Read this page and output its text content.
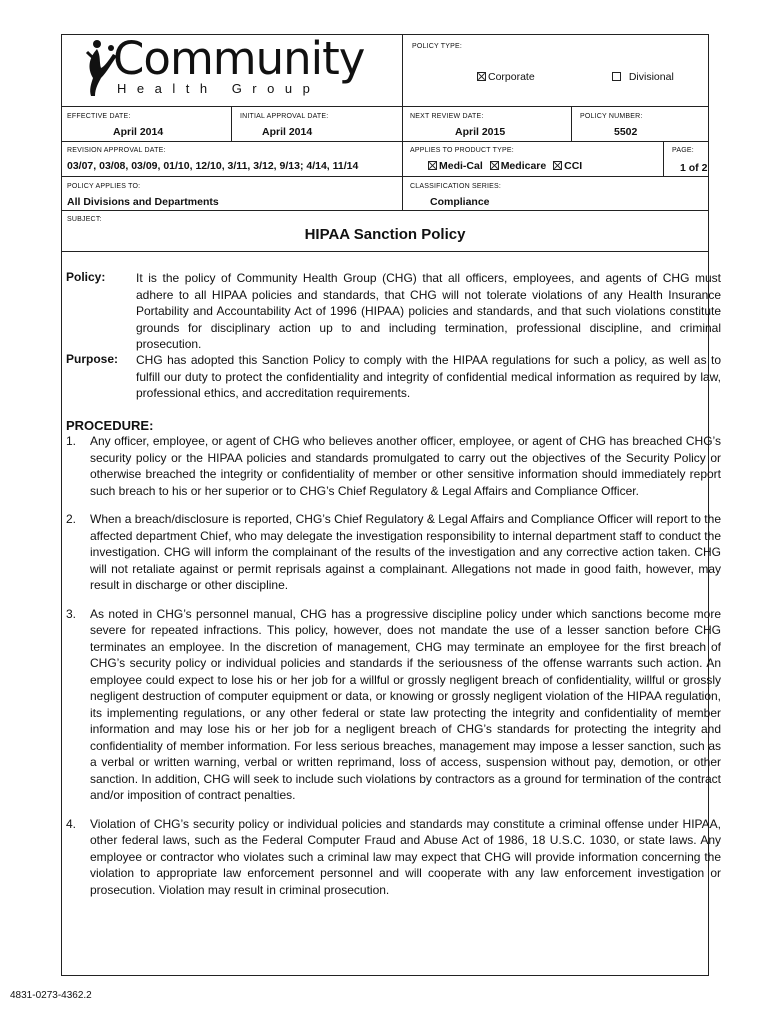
Community
Health Group
POLICY TYPE:
Corporate	Divisional
EFFECTIVE DATE:
April 2014
INITIAL APPROVAL DATE:
April 2014
NEXT REVIEW DATE:
April 2015
POLICY NUMBER:
5502
REVISION APPROVAL DATE:
03/07, 03/08, 03/09, 01/10, 12/10, 3/11, 3/12, 9/13; 4/14, 11/14
APPLIES TO PRODUCT TYPE:
Medi-Cal Medicare CCI
PAGE:
1 of 2
POLICY APPLIES TO:
All Divisions and Departments
CLASSIFICATION SERIES:
Compliance
SUBJECT:
HIPAA Sanction Policy
Policy:	It is the policy of Community Health Group (CHG) that all officers, employees, and agents of CHG must adhere to all HIPAA policies and standards, that CHG will not tolerate violations of any Health Insurance Portability and Accountability Act of 1996 (HIPAA) policies and standards, and that such violations constitute grounds for disciplinary action up to and including termination, professional discipline, and criminal prosecution.
Purpose:	CHG has adopted this Sanction Policy to comply with the HIPAA regulations for such a policy, as well as to fulfill our duty to protect the confidentiality and integrity of confidential medical information as required by law, professional ethics, and accreditation requirements.
PROCEDURE:
1.	Any officer, employee, or agent of CHG who believes another officer, employee, or agent of CHG has breached CHG’s security policy or the HIPAA policies and standards promulgated to carry out the objectives of the Security Policy or otherwise breached the integrity or confidentiality of member or other sensitive information should immediately report such breach to his or her superior or to CHG’s Chief Regulatory & Legal Affairs and Compliance Officer.
2.	When a breach/disclosure is reported, CHG’s Chief Regulatory & Legal Affairs and Compliance Officer will report to the affected department Chief, who may delegate the investigation responsibility to internal department staff to conduct the investigation. CHG will inform the complainant of the results of the investigation and any corrective action taken. CHG will not retaliate against or permit reprisals against a complainant. Allegations not made in good faith, however, may result in discharge or other discipline.
3.	As noted in CHG’s personnel manual, CHG has a progressive discipline policy under which sanctions become more severe for repeated infractions. This policy, however, does not mandate the use of a lesser sanction before CHG terminates an employee. In the discretion of management, CHG may terminate an employee for the first breach of CHG’s security policy or individual policies and standards if the seriousness of the offense warrants such action. An employee could expect to lose his or her job for a willful or grossly negligent breach of confidentiality, willful or grossly negligent destruction of computer equipment or data, or knowing or grossly negligent violation of the HIPAA regulation, its implementing regulations, or any other federal or state law protecting the integrity and confidentiality of member information and may lose his or her job for a negligent breach of CHG’s standards for protecting the integrity and confidentiality of member information. For less serious breaches, management may impose a lesser sanction, such as a verbal or written warning, verbal or written reprimand, loss of access, suspension without pay, demotion, or other sanction. In addition, CHG will seek to include such violations by contractors as a ground for termination of the contract and/or imposition of contract penalties.
4.	Violation of CHG’s security policy or individual policies and standards may constitute a criminal offense under HIPAA, other federal laws, such as the Federal Computer Fraud and Abuse Act of 1986, 18 U.S.C. 1030, or state laws. Any employee or contractor who violates such a criminal law may expect that CHG will provide information concerning the violation to appropriate law enforcement personnel and will cooperate with any law enforcement investigation or prosecution. Violation may result in criminal prosecution.
4831-0273-4362.2
